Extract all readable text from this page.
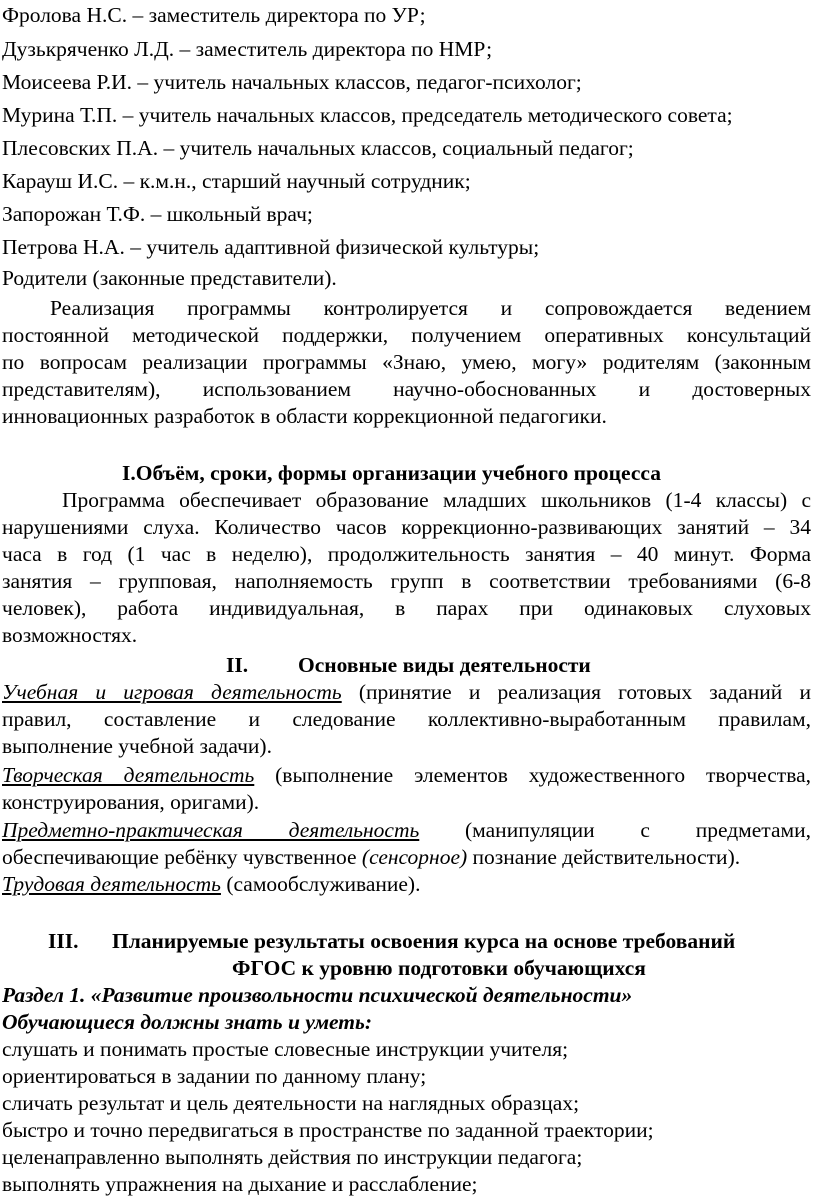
Фролова Н.С. – заместитель директора по УР;
Дузькряченко Л.Д. – заместитель директора по НМР;
Моисеева Р.И. – учитель начальных классов, педагог-психолог;
Мурина Т.П. – учитель начальных классов, председатель методического совета;
Плесовских П.А. – учитель начальных классов, социальный педагог;
Карауш И.С. – к.м.н., старший научный сотрудник;
Запорожан Т.Ф. – школьный врач;
Петрова Н.А. – учитель адаптивной физической культуры;
Родители (законные представители).
Реализация программы контролируется и сопровождается ведением
постоянной методической поддержки, получением оперативных консультаций
по вопросам реализации программы «Знаю, умею, могу» родителям (законным
представителям), использованием научно-обоснованных и достоверных
инновационных разработок в области коррекционной педагогики.
I.Объём, сроки, формы организации учебного процесса
Программа обеспечивает образование младших школьников (1-4 классы) с
нарушениями слуха. Количество часов коррекционно-развивающих занятий – 34
часа в год (1 час в неделю), продолжительность занятия – 40 минут. Форма
занятия – групповая, наполняемость групп в соответствии требованиями (6-8
человек), работа индивидуальная, в парах при одинаковых слуховых
возможностях.
II. Основные виды деятельности
Учебная и игровая деятельность (принятие и реализация готовых заданий и
правил, составление и следование коллективно-выработанным правилам,
выполнение учебной задачи).
Творческая деятельность (выполнение элементов художественного творчества,
конструирования, оригами).
Предметно-практическая деятельность (манипуляции с предметами,
обеспечивающие ребёнку чувственное (сенсорное) познание действительности).
Трудовая деятельность (самообслуживание).
III. Планируемые результаты освоения курса на основе требований
ФГОС к уровню подготовки обучающихся
Раздел 1. «Развитие произвольности психической деятельности»
Обучающиеся должны знать и уметь:
слушать и понимать простые словесные инструкции учителя;
ориентироваться в задании по данному плану;
сличать результат и цель деятельности на наглядных образцах;
быстро и точно передвигаться в пространстве по заданной траектории;
целенаправленно выполнять действия по инструкции педагога;
выполнять упражнения на дыхание и расслабление;
